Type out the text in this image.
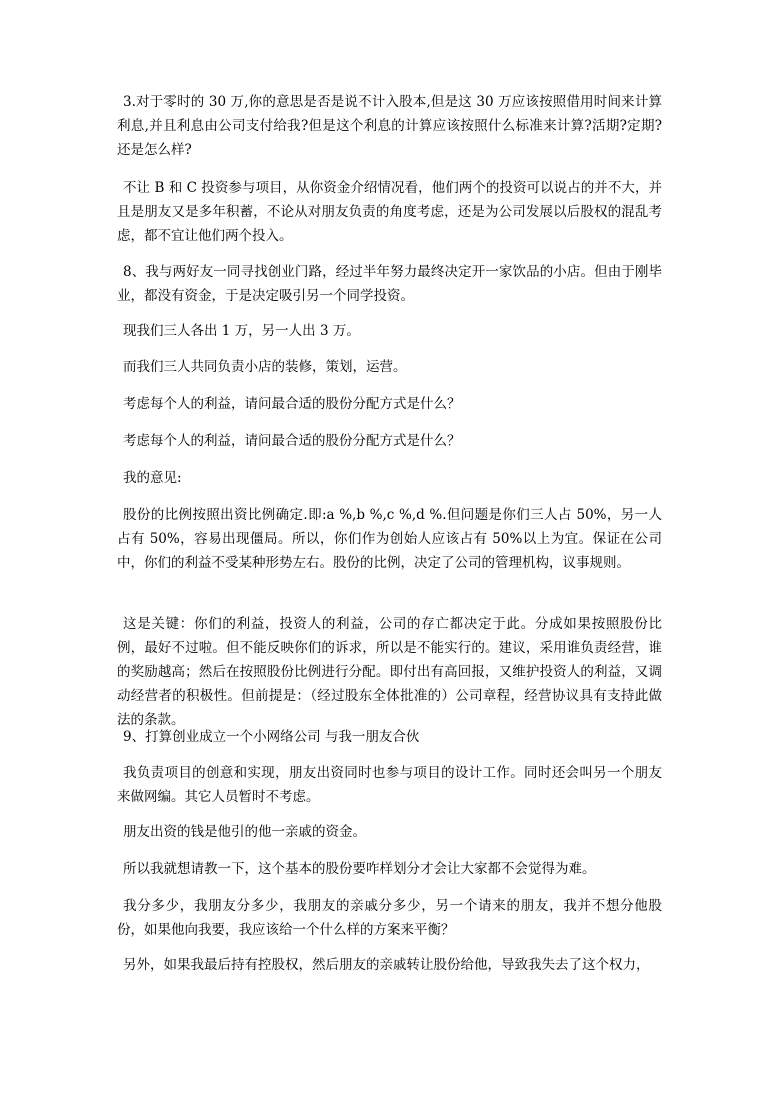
3.对于零时的 30 万,你的意思是否是说不计入股本,但是这 30 万应该按照借用时间来计算利息,并且利息由公司支付给我?但是这个利息的计算应该按照什么标准来计算?活期?定期?还是怎么样?

不让 B 和 C 投资参与项目，从你资金介绍情况看，他们两个的投资可以说占的并不大，并且是朋友又是多年积蓄，不论从对朋友负责的角度考虑，还是为公司发展以后股权的混乱考虑，都不宜让他们两个投入。

8、我与两好友一同寻找创业门路，经过半年努力最终决定开一家饮品的小店。但由于刚毕业，都没有资金，于是决定吸引另一个同学投资。

现我们三人各出 1 万，另一人出 3 万。

而我们三人共同负责小店的装修，策划，运营。

考虑每个人的利益，请问最合适的股份分配方式是什么？

考虑每个人的利益，请问最合适的股份分配方式是什么？

我的意见:

股份的比例按照出资比例确定.即:a %,b %,c %,d %.但问题是你们三人占 50%，另一人占有 50%，容易出现僵局。所以，你们作为创始人应该占有 50%以上为宜。保证在公司中，你们的利益不受某种形势左右。股份的比例，决定了公司的管理机构，议事规则。

这是关键：你们的利益，投资人的利益，公司的存亡都决定于此。分成如果按照股份比例，最好不过啦。但不能反映你们的诉求，所以是不能实行的。建议，采用谁负责经营，谁的奖励越高；然后在按照股份比例进行分配。即付出有高回报，又维护投资人的利益，又调动经营者的积极性。但前提是：（经过股东全体批准的）公司章程，经营协议具有支持此做法的条款。

9、打算创业成立一个小网络公司 与我一朋友合伙

我负责项目的创意和实现，朋友出资同时也参与项目的设计工作。同时还会叫另一个朋友来做网编。其它人员暂时不考虑。

朋友出资的钱是他引的他一亲戚的资金。

所以我就想请教一下，这个基本的股份要咋样划分才会让大家都不会觉得为难。

我分多少，我朋友分多少，我朋友的亲戚分多少，另一个请来的朋友，我并不想分他股份，如果他向我要，我应该给一个什么样的方案来平衡？

另外，如果我最后持有控股权，然后朋友的亲戚转让股份给他，导致我失去了这个权力，
